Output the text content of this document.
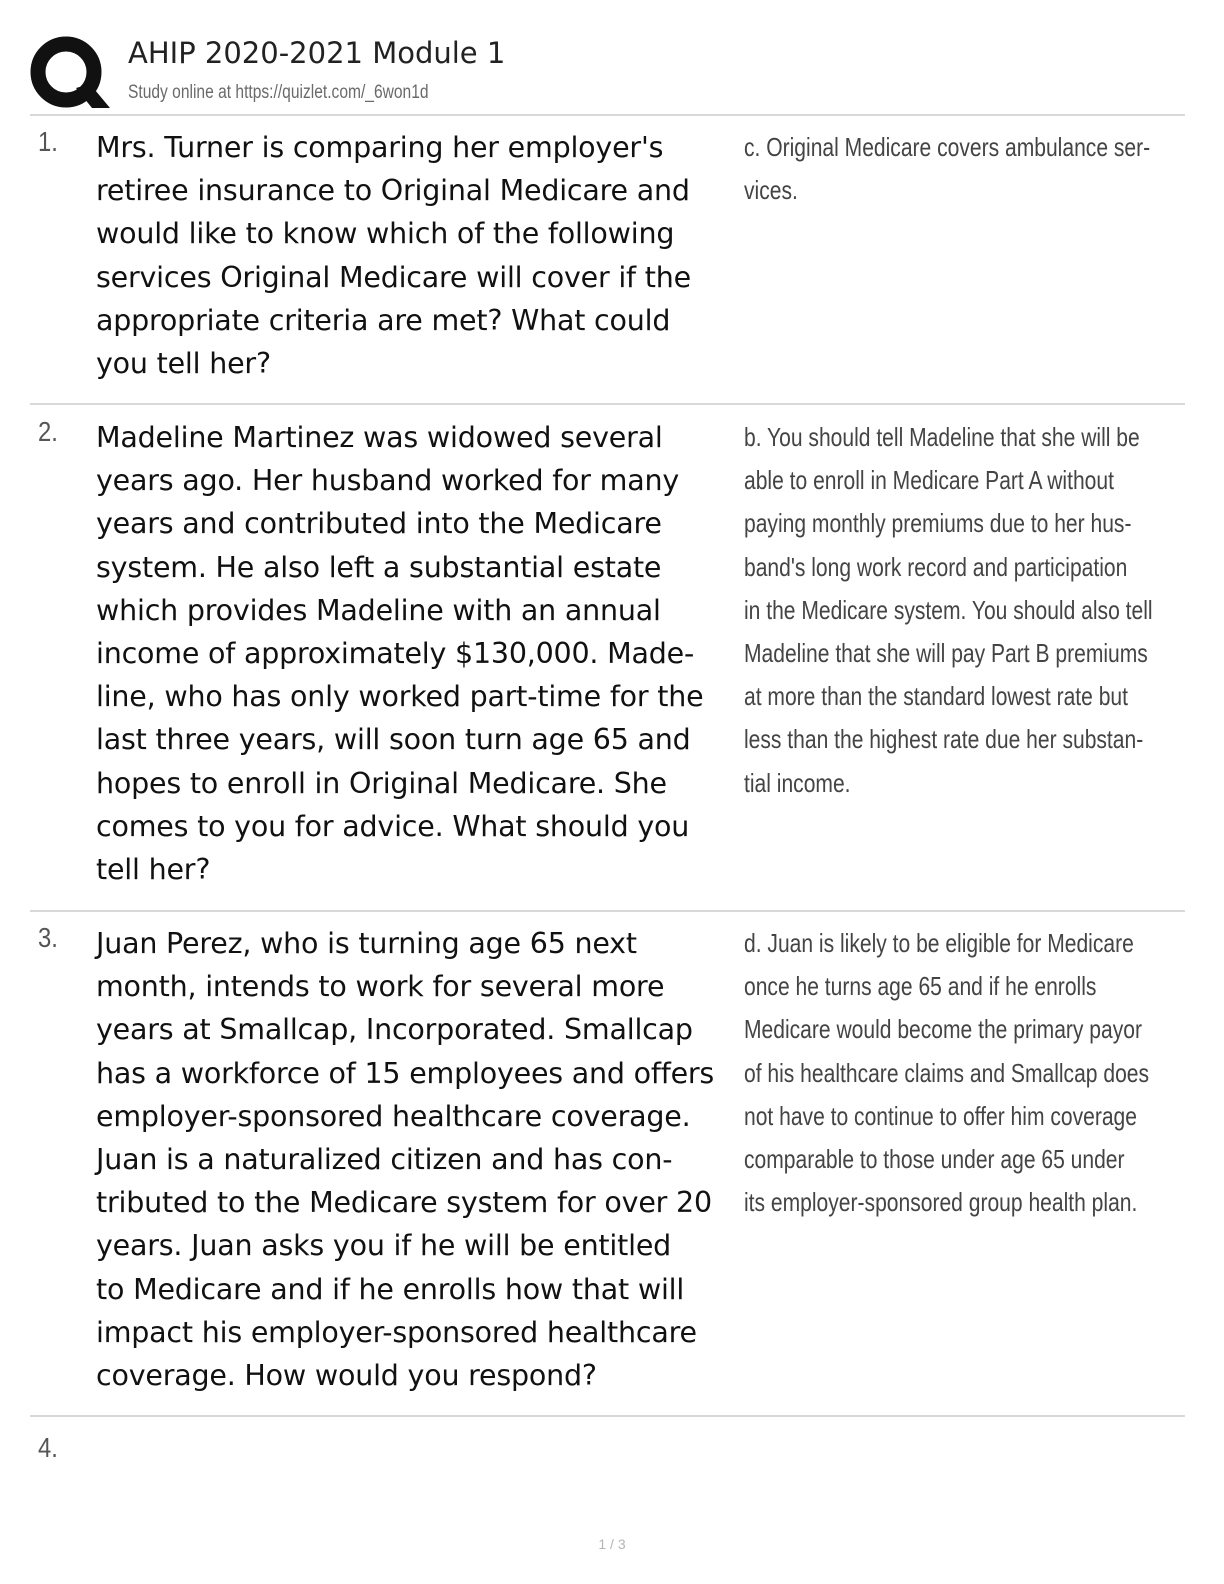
AHIP 2020-2021 Module 1
Study online at https://quizlet.com/_6won1d
1. Mrs. Turner is comparing her employer's
retiree insurance to Original Medicare and
would like to know which of the following
services Original Medicare will cover if the
appropriate criteria are met? What could
you tell her?
c. Original Medicare covers ambulance ser-
vices.
2. Madeline Martinez was widowed several
years ago. Her husband worked for many
years and contributed into the Medicare
system. He also left a substantial estate
which provides Madeline with an annual
income of approximately $130,000. Made-
line, who has only worked part-time for the
last three years, will soon turn age 65 and
hopes to enroll in Original Medicare. She
comes to you for advice. What should you
tell her?
b. You should tell Madeline that she will be
able to enroll in Medicare Part A without
paying monthly premiums due to her hus-
band's long work record and participation
in the Medicare system. You should also tell
Madeline that she will pay Part B premiums
at more than the standard lowest rate but
less than the highest rate due her substan-
tial income.
3. Juan Perez, who is turning age 65 next
month, intends to work for several more
years at Smallcap, Incorporated. Smallcap
has a workforce of 15 employees and offers
employer-sponsored healthcare coverage.
Juan is a naturalized citizen and has con-
tributed to the Medicare system for over 20
years. Juan asks you if he will be entitled
to Medicare and if he enrolls how that will
impact his employer-sponsored healthcare
coverage. How would you respond?
d. Juan is likely to be eligible for Medicare
once he turns age 65 and if he enrolls
Medicare would become the primary payor
of his healthcare claims and Smallcap does
not have to continue to offer him coverage
comparable to those under age 65 under
its employer-sponsored group health plan.
4.
1 / 3
